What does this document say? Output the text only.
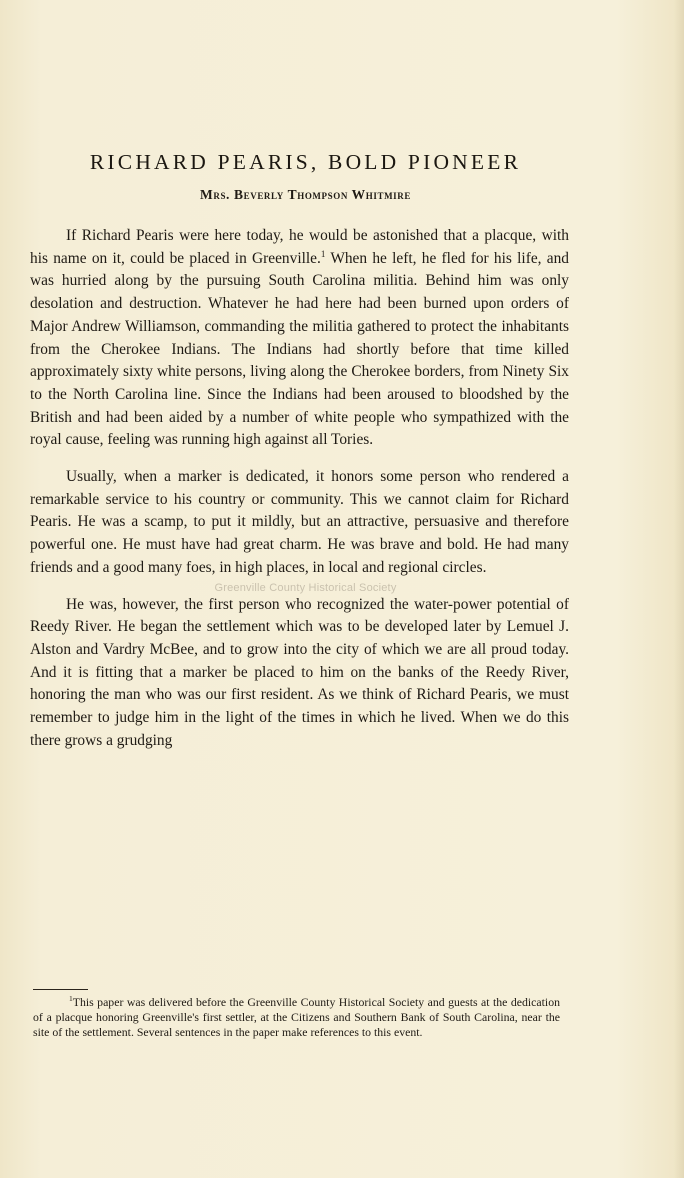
RICHARD PEARIS, BOLD PIONEER
Mrs. Beverly Thompson Whitmire

If Richard Pearis were here today, he would be astonished that a placque, with his name on it, could be placed in Greenville.$^1$ When he left, he fled for his life, and was hurried along by the pursuing South Carolina militia. Behind him was only desolation and destruction. Whatever he had here had been burned upon orders of Major Andrew Williamson, commanding the militia gathered to protect the inhabitants from the Cherokee Indians. The Indians had shortly before that time killed approximately sixty white persons, living along the Cherokee borders, from Ninety Six to the North Carolina line. Since the Indians had been aroused to bloodshed by the British and had been aided by a number of white people who sympathized with the royal cause, feeling was running high against all Tories.

Usually, when a marker is dedicated, it honors some person who rendered a remarkable service to his country or community. This we cannot claim for Richard Pearis. He was a scamp, to put it mildly, but an attractive, persuasive and therefore powerful one. He must have had great charm. He was brave and bold. He had many friends and a good many foes, in high places, in local and regional circles.

He was, however, the first person who recognized the water-power potential of Reedy River. He began the settlement which was to be developed later by Lemuel J. Alston and Vardry McBee, and to grow into the city of which we are all proud today. And it is fitting that a marker be placed to him on the banks of the Reedy River, honoring the man who was our first resident. As we think of Richard Pearis, we must remember to judge him in the light of the times in which he lived. When we do this there grows a grudging

Greenville County Historical Society

$^1$This paper was delivered before the Greenville County Historical Society and guests at the dedication of a placque honoring Greenville's first settler, at the Citizens and Southern Bank of South Carolina, near the site of the settlement. Several sentences in the paper make references to this event.
